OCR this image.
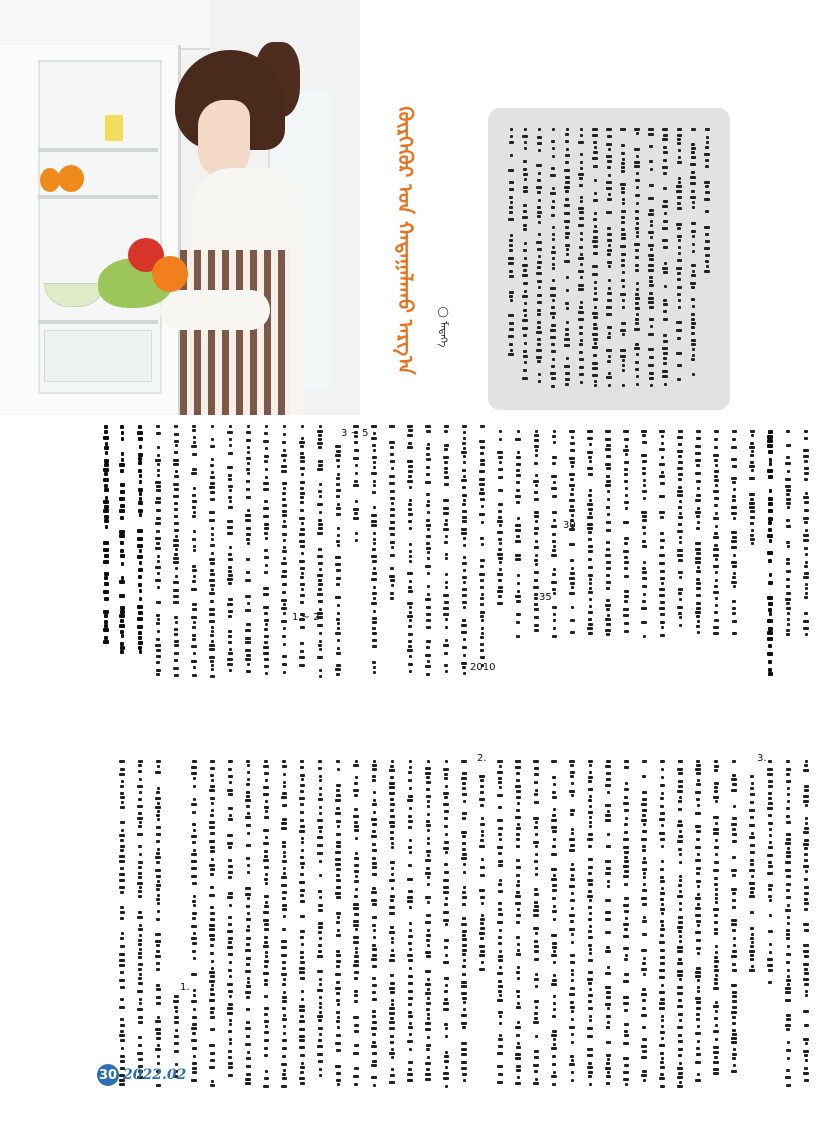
ᠬᠥᠷᠭᠡᠭᠦᠷ ᠤᠨ ᠬᠠᠳᠠᠭᠠᠯᠠᠬᠤ ᠠᠷᠭ᠎ᠠ	◯ ᠮᠡᠳᠡᠭᠡ
35
30
2010
3 ~ 5
1 ~ 2
3.
2.
1.
30 2022.02
